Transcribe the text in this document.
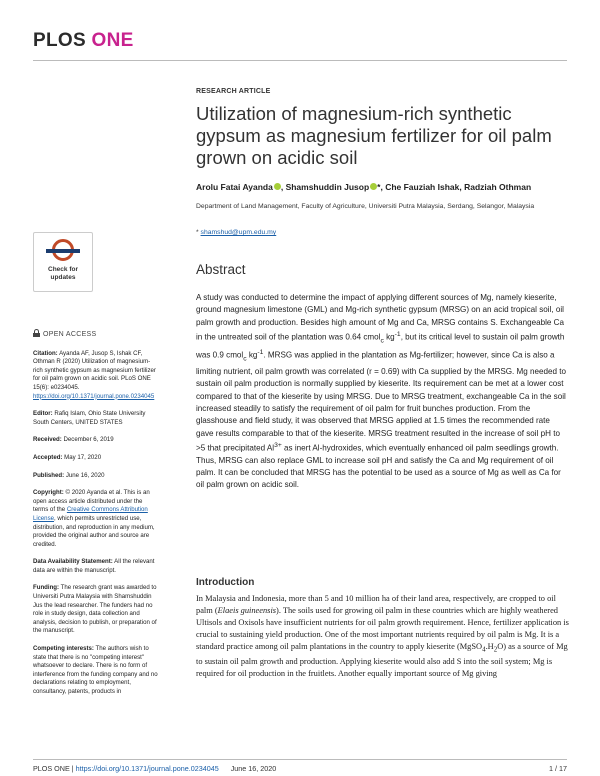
PLOS ONE
RESEARCH ARTICLE
Utilization of magnesium-rich synthetic gypsum as magnesium fertilizer for oil palm grown on acidic soil
Arolu Fatai Ayanda , Shamshuddin Jusop *, Che Fauziah Ishak, Radziah Othman
Department of Land Management, Faculty of Agriculture, Universiti Putra Malaysia, Serdang, Selangor, Malaysia
* shamshud@upm.edu.my
Check for
updates	Abstract

A study was conducted to determine the impact of applying different sources of Mg, namely kieserite, ground magnesium limestone (GML) and Mg-rich synthetic gypsum (MRSG) on an acid tropical soil, oil palm growth and production. Besides high amount of Mg and Ca, MRSG contains S. Exchangeable Ca in the untreated soil of the plantation was 0.64 cmol$_c$ $kg^{-1}$, but its critical level to sustain oil palm growth was 0.9 cmol$_c$ $kg^{-1}$. MRSG was applied in the plantation as Mg-fertilizer; however, since Ca is also a limiting nutrient, oil palm growth was correlated (r = 0.69) with Ca supplied by the MRSG. Mg needed to sustain oil palm production is normally supplied by kieserite. Its requirement can be met at a lower cost compared to that of the kieserite by using MRSG. Due to MRSG treatment, exchangeable Ca in the soil increased steadily to satisfy the requirement of oil palm for fruit bunches production. From the glasshouse and field study, it was observed that MRSG applied at 1.5 times the recommended rate gave results comparable to that of the kieserite. MRSG treatment resulted in the increase of soil pH to >5 that precipitated $Al^{3+}$ as inert Al-hydroxides, which eventually enhanced oil palm seedlings growth. Thus, MRSG can also replace GML to increase soil pH and satisfy the Ca and Mg requirement of oil palm. It can be concluded that MRSG has the potential to be used as a source of Mg as well as Ca for oil palm grown on acidic soil.

OPEN ACCESS
Citation: Ayanda AF, Jusop S, Ishak CF, Othman R (2020) Utilization of magnesium-rich synthetic gypsum as magnesium fertilizer for oil palm grown on acidic soil. PLoS ONE 15(6): e0234045. https://doi.org/10.1371/journal.pone.0234045
Editor: Rafiq Islam, Ohio State University South Centers, UNITED STATES
Received: December 6, 2019
Accepted: May 17, 2020
Published: June 16, 2020
Copyright: © 2020 Ayanda et al. This is an open access article distributed under the terms of the Creative Commons Attribution License, which permits unrestricted use, distribution, and reproduction in any medium, provided the original author and source are credited.
Data Availability Statement: All the relevant data are within the manuscript.
Funding: The research grant was awarded to Universiti Putra Malaysia with Shamshuddin Jus the lead researcher. The funders had no role in study design, data collection and analysis, decision to publish, or preparation of the manuscript.
Competing interests: The authors wish to state that there is no "competing interest" whatsoever to declare. There is no form of interference from the funding company and no declarations relating to employment, consultancy, patents, products in
Introduction

In Malaysia and Indonesia, more than 5 and 10 million ha of their land area, respectively, are cropped to oil palm (Elaeis guineensis). The soils used for growing oil palm in these countries which are highly weathered Ultisols and Oxisols have insufficient nutrients for oil palm growth requirement. Hence, fertilizer application is crucial to sustaining yield production. One of the most important nutrients required by oil palm is Mg. It is a standard practice among oil palm plantations in the country to apply kieserite $(MgSO_4.H_2O)$ as a source of Mg to sustain oil palm growth and production. Applying kieserite would also add S into the soil system; Mg is required for oil production in the fruitlets. Another equally important source of Mg giving

PLOS ONE | https://doi.org/10.1371/journal.pone.0234045 June 16, 2020	1 / 17
